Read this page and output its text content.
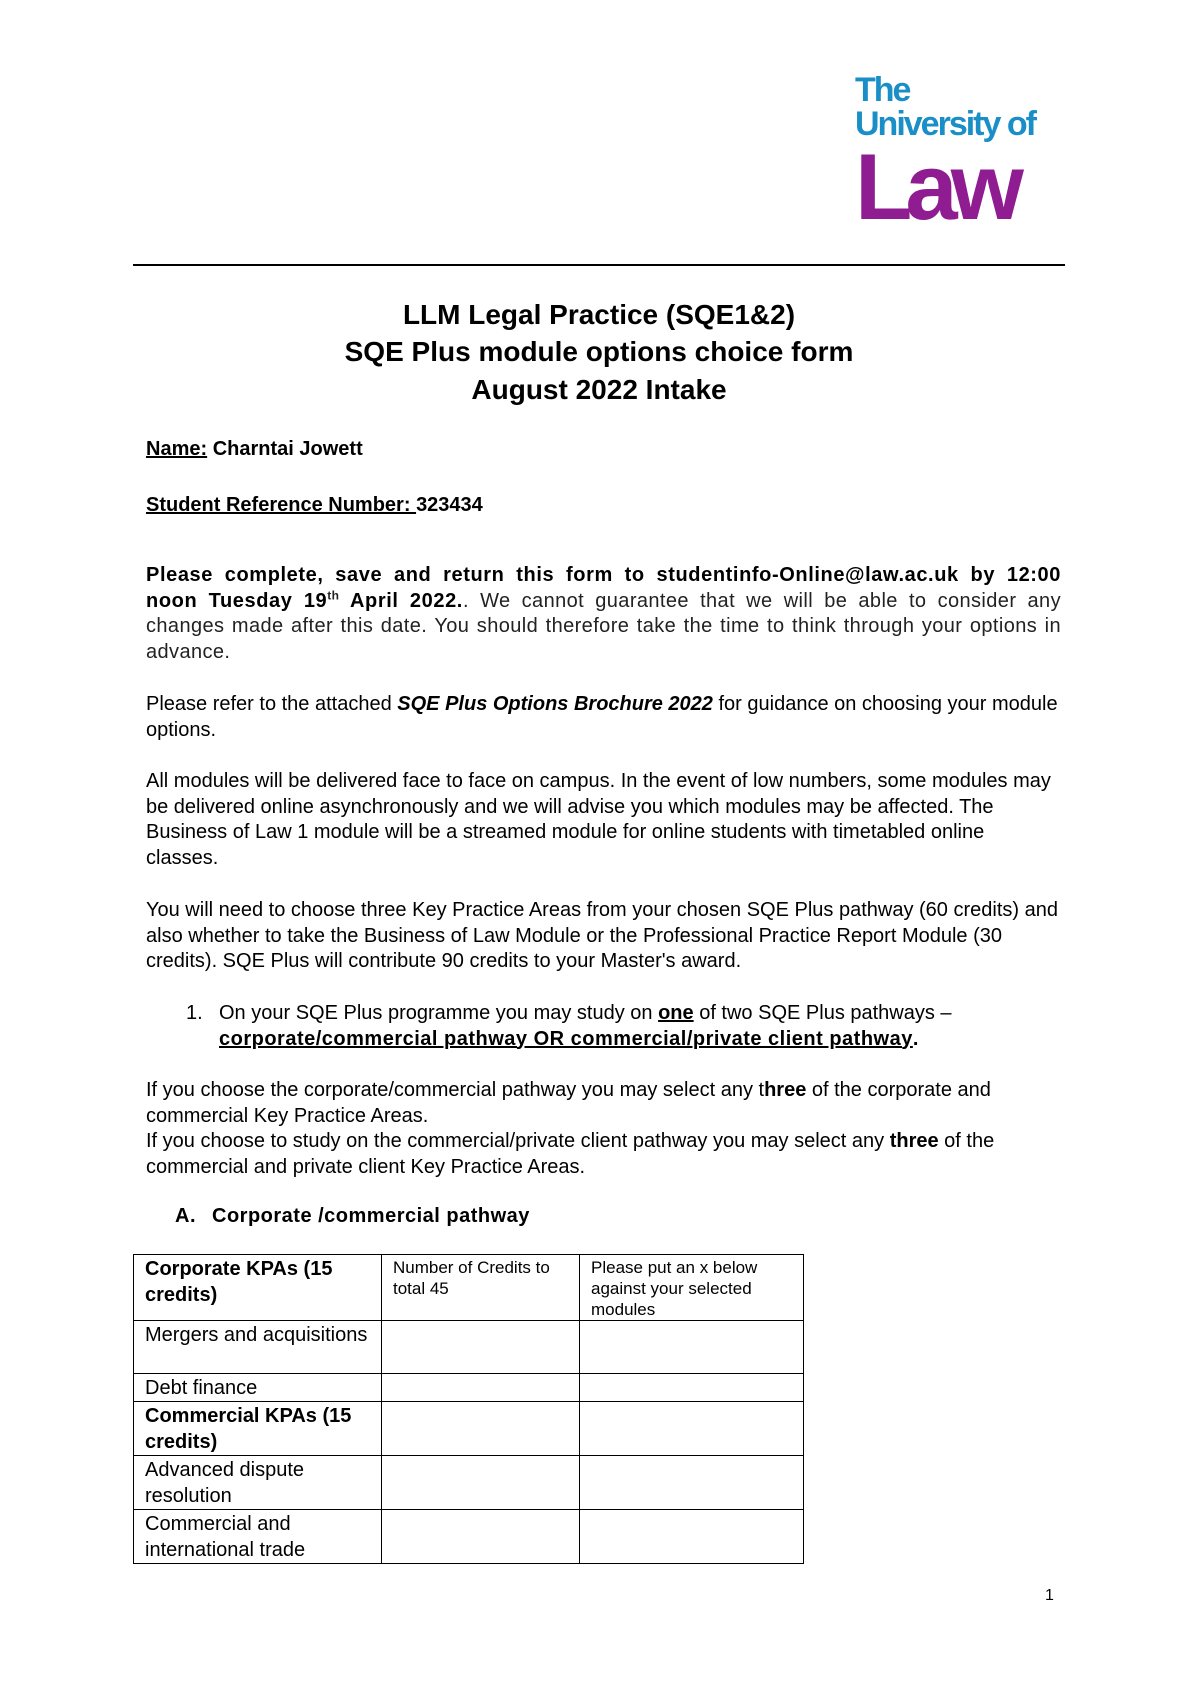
The
University of
Law
LLM Legal Practice (SQE1&2)
SQE Plus module options choice form
August 2022 Intake
Name: Charntai Jowett
Student Reference Number: 323434
Please complete, save and return this form to studentinfo-Online@law.ac.uk by 12:00 noon Tuesday 19th April 2022.. We cannot guarantee that we will be able to consider any changes made after this date. You should therefore take the time to think through your options in advance.
Please refer to the attached SQE Plus Options Brochure 2022 for guidance on choosing your module options.
All modules will be delivered face to face on campus. In the event of low numbers, some modules may be delivered online asynchronously and we will advise you which modules may be affected. The Business of Law 1 module will be a streamed module for online students with timetabled online classes.
You will need to choose three Key Practice Areas from your chosen SQE Plus pathway (60 credits) and also whether to take the Business of Law Module or the Professional Practice Report Module (30 credits). SQE Plus will contribute 90 credits to your Master's award.
1. On your SQE Plus programme you may study on one of two SQE Plus pathways –
corporate/commercial pathway OR commercial/private client pathway.
If you choose the corporate/commercial pathway you may select any three of the corporate and commercial Key Practice Areas.
If you choose to study on the commercial/private client pathway you may select any three of the commercial and private client Key Practice Areas.
A. Corporate /commercial pathway
Corporate KPAs (15 credits)	Number of Credits to total 45	Please put an x below against your selected modules
Mergers and acquisitions		
Debt finance		
Commercial KPAs (15 credits)		
Advanced dispute resolution		
Commercial and international trade		
1
